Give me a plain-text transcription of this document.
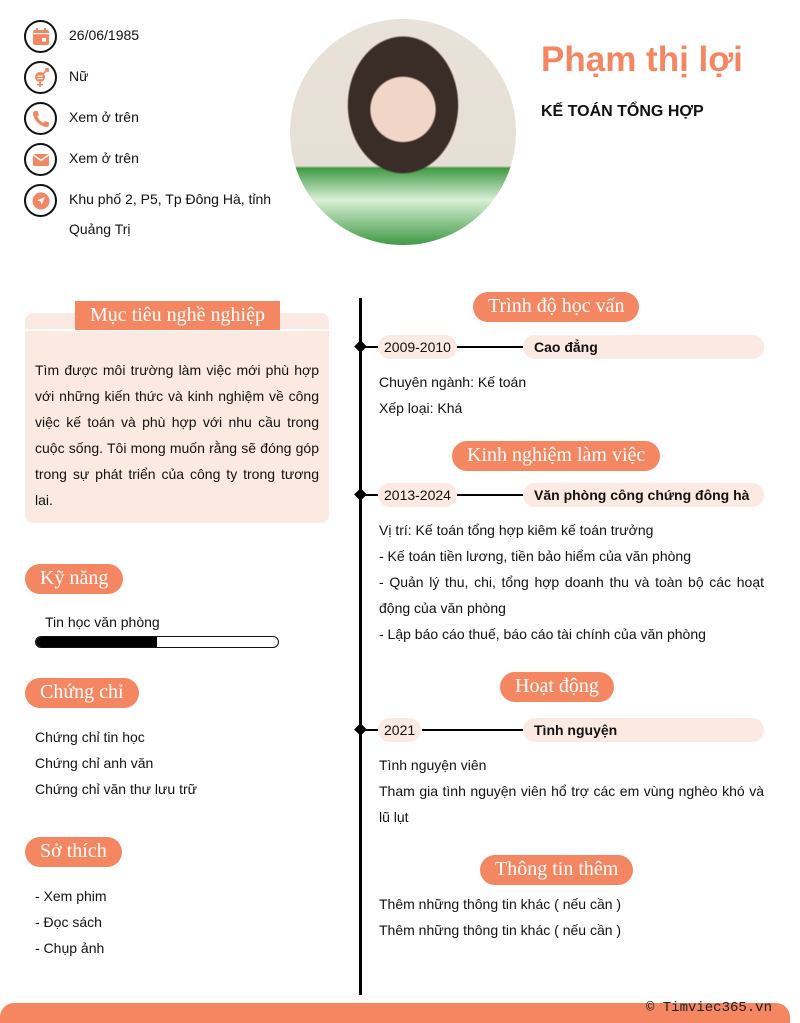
26/06/1985
Nữ
Xem ở trên
Xem ở trên
Khu phố 2, P5, Tp Đông Hà, tỉnh Quảng Trị
Phạm thị lợi
KẾ TOÁN TỔNG HỢP
Mục tiêu nghề nghiệp
Tìm được môi trường làm việc mới phù hợp với những kiến thức và kinh nghiệm về công việc kế toán và phù hợp với nhu cầu trong cuộc sống. Tôi mong muốn rằng sẽ đóng góp trong sự phát triển của công ty trong tương lai.
Kỹ năng
Tin học văn phòng
Chứng chỉ
Chứng chỉ tin học
Chứng chỉ anh văn
Chứng chỉ văn thư lưu trữ
Sở thích
- Xem phim
- Đọc sách
- Chụp ảnh
Trình độ học vấn
2009-2010	Cao đẳng
Chuyên ngành: Kế toán
Xếp loại: Khá
Kinh nghiệm làm việc
2013-2024	Văn phòng công chứng đông hà
Vị trí: Kế toán tổng hợp kiêm kế toán trưởng
- Kế toán tiền lương, tiền bảo hiểm của văn phòng
- Quản lý thu, chi, tổng hợp doanh thu và toàn bộ các hoạt động của văn phòng
- Lập báo cáo thuế, báo cáo tài chính của văn phòng
Hoạt động
2021	Tình nguyện
Tình nguyện viên
Tham gia tình nguyện viên hổ trợ các em vùng nghèo khó và lũ lụt
Thông tin thêm
Thêm những thông tin khác ( nếu cần )
Thêm những thông tin khác ( nếu cần )
© Timviec365.vn
